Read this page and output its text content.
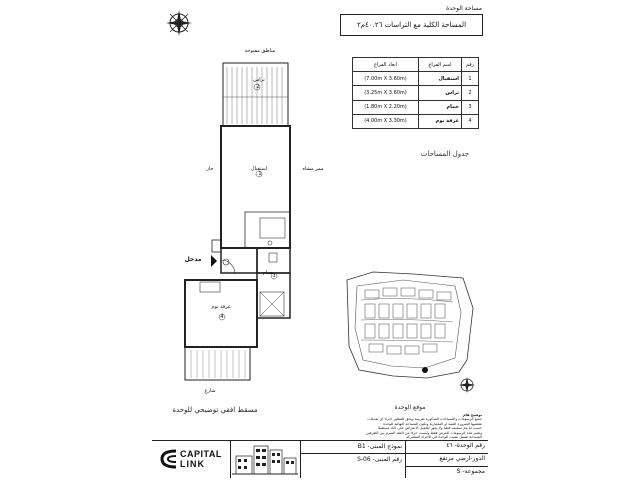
مساحة الوحدة
المساحة الكلية مع التراسات ٤٠.٢٦م٢
رقم	اسم الفراغ	ابعاد الفراغ
1	استقبال	(7.00m X 3.60m)
2	تراس	(3.25m X 3.60m)
3	حمام	(1.80m X 2.20m)
4	غرفة نوم	(4.00m X 3.30m)
جدول المساحات
مناطق مفتوحة
تراس
استقبال
جار	ممر مشاه
حمام
مدخل
غرفة نوم
شارع
2
1
3
4
مسقط افقي توضيحي للوحدة	موقع الوحدة
توضيح هام
جميع الرسومات والمساحات المذكورة تقريبية ويحق للمطور اجراء اي تعديلات
تقتضيها الضرورة الفنية او المعمارية وتكون المساحة النهائية للوحدة
حسب ما يتم تسليمه فعليا ولا يجوز للعميل الاعتراض على ذلك مستقبلا
وتعتبر هذه الرسومات للعرض فقط وليست جزءا من العقد المبرم بين الطرفين
المساحة تشمل نصيب الوحدة في الاجزاء المشتركة
CAPITAL
LINK
نموذج المبنى- B1
رقم المبنى- S-06
رقم الوحدة- ٤٦
الدور-ارضي مرتفع
مجموعة- S
